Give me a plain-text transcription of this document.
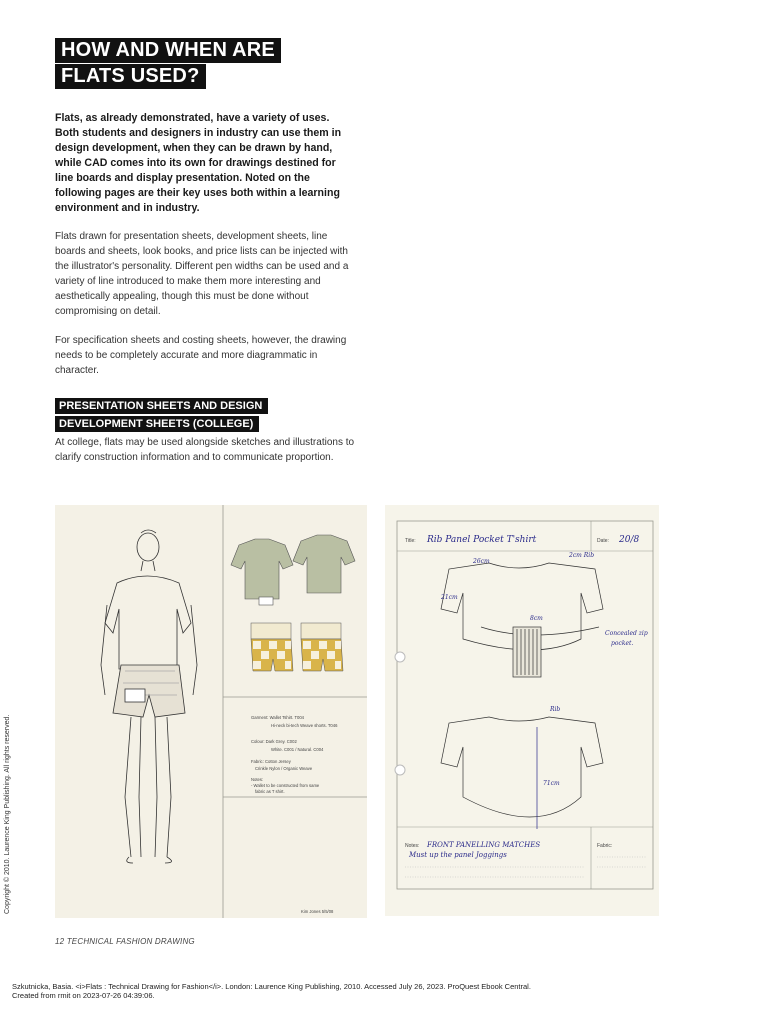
HOW AND WHEN ARE
FLATS USED?

Flats, as already demonstrated, have a variety of uses. Both students and designers in industry can use them in design development, when they can be drawn by hand, while CAD comes into its own for drawings destined for line boards and display presentation. Noted on the following pages are their key uses both within a learning environment and in industry.

Flats drawn for presentation sheets, development sheets, line boards and sheets, look books, and price lists can be injected with the illustrator's personality. Different pen widths can be used and a variety of line introduced to make them more interesting and aesthetically appealing, though this must be done without compromising on detail.

For specification sheets and costing sheets, however, the drawing needs to be completely accurate and more diagrammatic in character.

PRESENTATION SHEETS AND DESIGN
DEVELOPMENT SHEETS (COLLEGE)

At college, flats may be used alongside sketches and illustrations to clarify construction information and to communicate proportion.

Garment: Wallet Tshirt. T004
Hi-neck bi-tech Weave shorts. T046
Colour: Dark Grey. C002
White. C001 / Natural. C004
Fabric: Cotton Jersey
Crinkle Nylon / Organic Weave
Notes:
- Wallet to be constructed from same
fabric as T shirt.
Kim Jones 5/5/08
Title: Rib Panel Pocket T'shirt	Date: 20/8
26cm
2cm Rib
21cm
8cm
Concealed zip
pocket.
Rib
71cm
Notes: FRONT PANELLING MATCHES
Must up the panel Joggings
Fabric:
12 TECHNICAL FASHION DRAWING
Copyright © 2010. Laurence King Publishing. All rights reserved.
Szkutnicka, Basia. <i>Flats : Technical Drawing for Fashion</i>. London: Laurence King Publishing, 2010. Accessed July 26, 2023. ProQuest Ebook Central.
Created from rmit on 2023-07-26 04:39:06.
